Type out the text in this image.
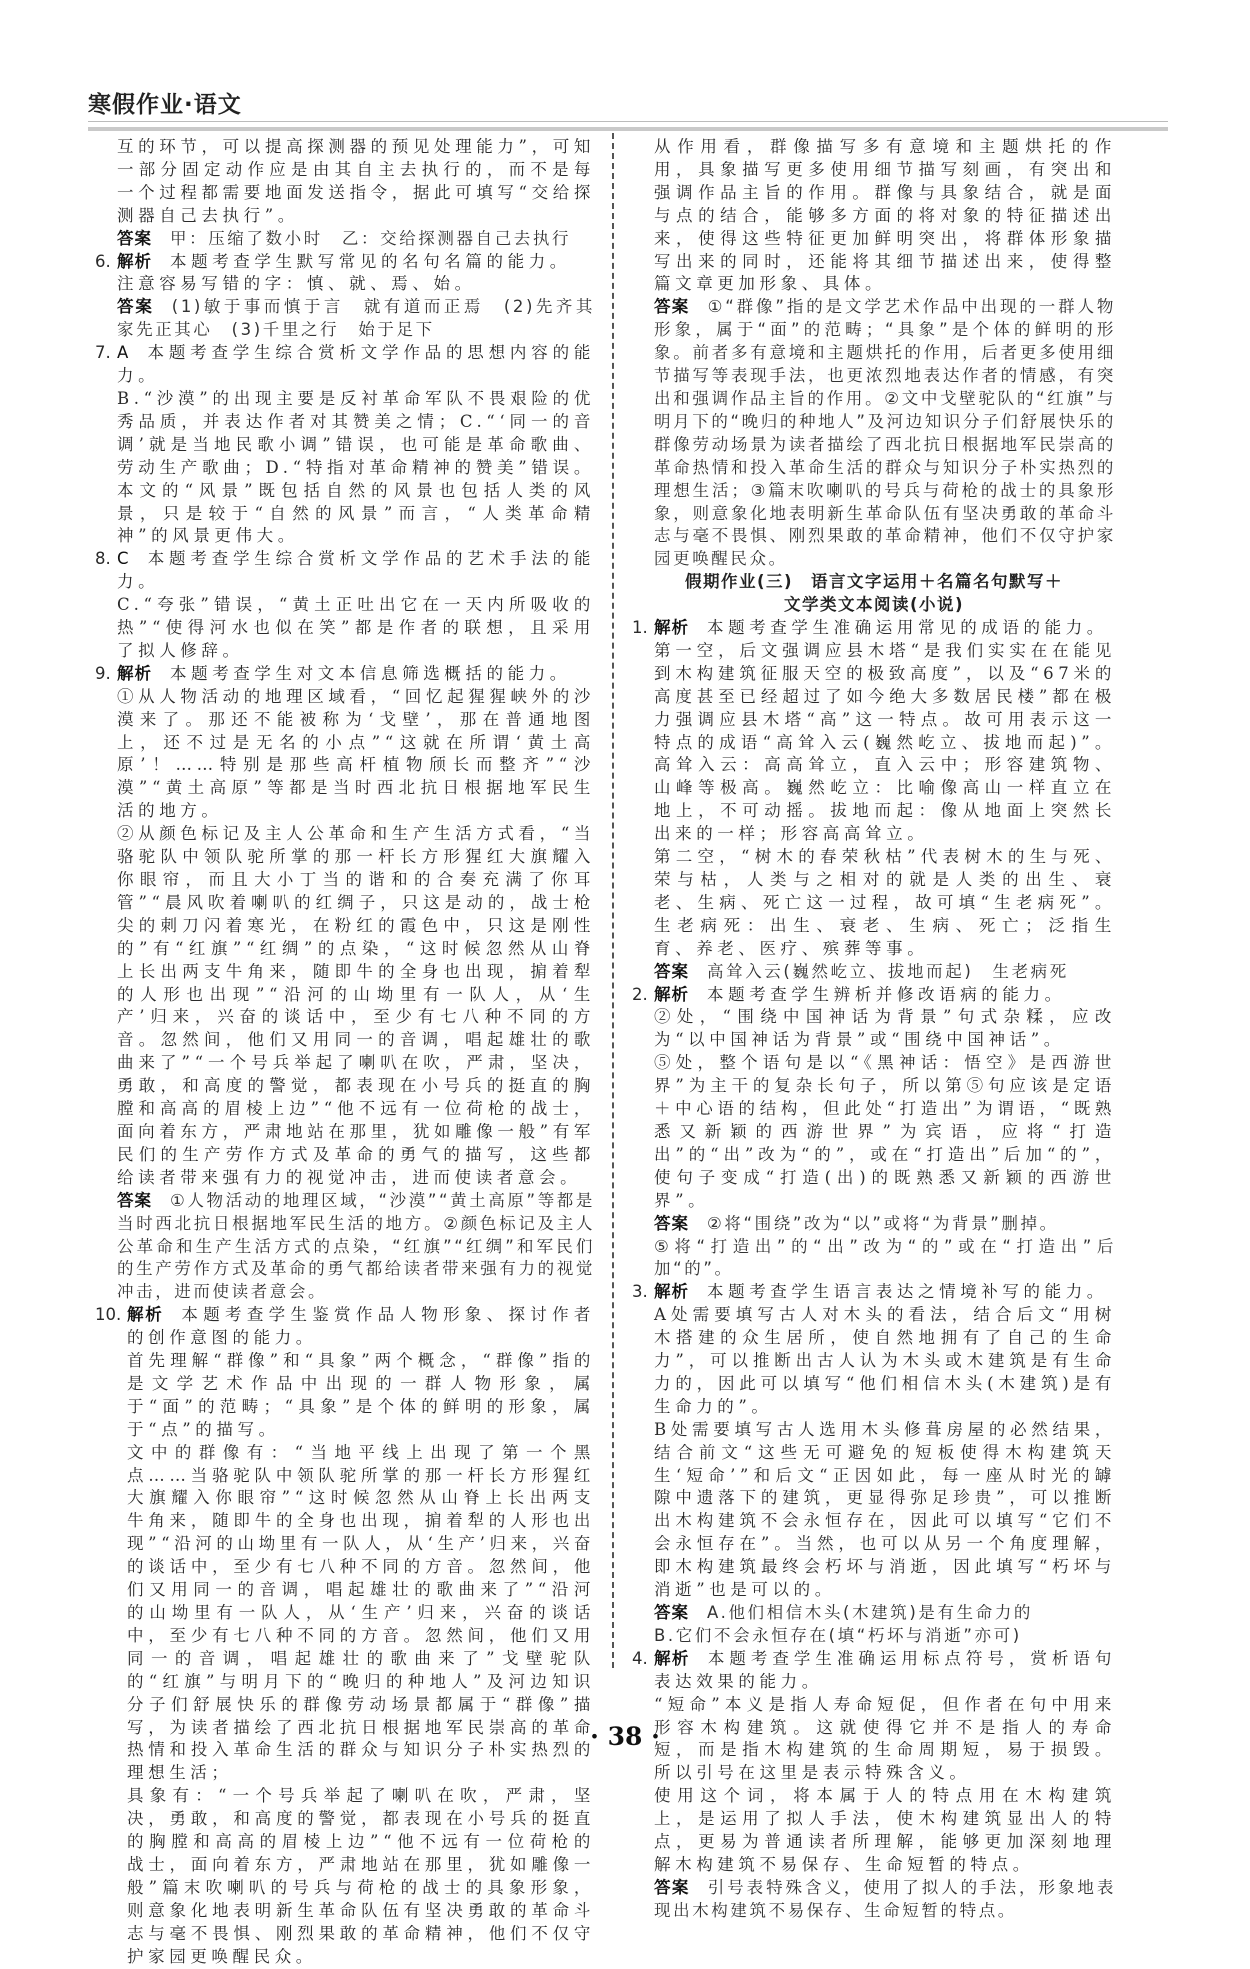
寒假作业·语文
互的环节，可以提高探测器的预见处理能力”，可知一部分固定动作应是由其自主去执行的，而不是每一个过程都需要地面发送指令，据此可填写“交给探测器自己去执行”。
答案 甲：压缩了数小时　乙：交给探测器自己去执行
6. 解析 本题考查学生默写常见的名句名篇的能力。
注意容易写错的字：慎、就、焉、始。
答案 (1)敏于事而慎于言　就有道而正焉　(2)先齐其家先正其心　(3)千里之行　始于足下
7. A 本题考查学生综合赏析文学作品的思想内容的能力。
B.“沙漠”的出现主要是反衬革命军队不畏艰险的优秀品质，并表达作者对其赞美之情；C.“‘同一的音调’就是当地民歌小调”错误，也可能是革命歌曲、劳动生产歌曲；D.“特指对革命精神的赞美”错误。本文的“风景”既包括自然的风景也包括人类的风景，只是较于“自然的风景”而言，“人类革命精神”的风景更伟大。
8. C 本题考查学生综合赏析文学作品的艺术手法的能力。
C.“夸张”错误，“黄土正吐出它在一天内所吸收的热”“使得河水也似在笑”都是作者的联想，且采用了拟人修辞。
9. 解析 本题考查学生对文本信息筛选概括的能力。
①从人物活动的地理区域看，“回忆起猩猩峡外的沙漠来了。那还不能被称为‘戈壁’，那在普通地图上，还不过是无名的小点”“这就在所谓‘黄土高原’！……特别是那些高杆植物颀长而整齐”“沙漠”“黄土高原”等都是当时西北抗日根据地军民生活的地方。
②从颜色标记及主人公革命和生产生活方式看，“当骆驼队中领队驼所掌的那一杆长方形猩红大旗耀入你眼帘，而且大小丁当的谐和的合奏充满了你耳管”“晨风吹着喇叭的红绸子，只这是动的，战士枪尖的刺刀闪着寒光，在粉红的霞色中，只这是刚性的”有“红旗”“红绸”的点染，“这时候忽然从山脊上长出两支牛角来，随即牛的全身也出现，掮着犁的人形也出现”“沿河的山坳里有一队人，从‘生产’归来，兴奋的谈话中，至少有七八种不同的方音。忽然间，他们又用同一的音调，唱起雄壮的歌曲来了”“一个号兵举起了喇叭在吹，严肃，坚决，勇敢，和高度的警觉，都表现在小号兵的挺直的胸膛和高高的眉棱上边”“他不远有一位荷枪的战士，面向着东方，严肃地站在那里，犹如雕像一般”有军民们的生产劳作方式及革命的勇气的描写，这些都给读者带来强有力的视觉冲击，进而使读者意会。
答案 ①人物活动的地理区域，“沙漠”“黄土高原”等都是当时西北抗日根据地军民生活的地方。②颜色标记及主人公革命和生产生活方式的点染，“红旗”“红绸”和军民们的生产劳作方式及革命的勇气都给读者带来强有力的视觉冲击，进而使读者意会。
10. 解析 本题考查学生鉴赏作品人物形象、探讨作者的创作意图的能力。
首先理解“群像”和“具象”两个概念，“群像”指的是文学艺术作品中出现的一群人物形象，属于“面”的范畴；“具象”是个体的鲜明的形象，属于“点”的描写。
文中的群像有：“当地平线上出现了第一个黑点……当骆驼队中领队驼所掌的那一杆长方形猩红大旗耀入你眼帘”“这时候忽然从山脊上长出两支牛角来，随即牛的全身也出现，掮着犁的人形也出现”“沿河的山坳里有一队人，从‘生产’归来，兴奋的谈话中，至少有七八种不同的方音。忽然间，他们又用同一的音调，唱起雄壮的歌曲来了”“沿河的山坳里有一队人，从‘生产’归来，兴奋的谈话中，至少有七八种不同的方音。忽然间，他们又用同一的音调，唱起雄壮的歌曲来了”戈壁驼队的“红旗”与明月下的“晚归的种地人”及河边知识分子们舒展快乐的群像劳动场景都属于“群像”描写，为读者描绘了西北抗日根据地军民崇高的革命热情和投入革命生活的群众与知识分子朴实热烈的理想生活；
具象有：“一个号兵举起了喇叭在吹，严肃，坚决，勇敢，和高度的警觉，都表现在小号兵的挺直的胸膛和高高的眉棱上边”“他不远有一位荷枪的战士，面向着东方，严肃地站在那里，犹如雕像一般”篇末吹喇叭的号兵与荷枪的战士的具象形象，则意象化地表明新生革命队伍有坚决勇敢的革命斗志与毫不畏惧、刚烈果敢的革命精神，他们不仅守护家园更唤醒民众。
从作用看，群像描写多有意境和主题烘托的作用，具象描写更多使用细节描写刻画，有突出和强调作品主旨的作用。群像与具象结合，就是面与点的结合，能够多方面的将对象的特征描述出来，使得这些特征更加鲜明突出，将群体形象描写出来的同时，还能将其细节描述出来，使得整篇文章更加形象、具体。
答案 ①“群像”指的是文学艺术作品中出现的一群人物形象，属于“面”的范畴；“具象”是个体的鲜明的形象。前者多有意境和主题烘托的作用，后者更多使用细节描写等表现手法，也更浓烈地表达作者的情感，有突出和强调作品主旨的作用。②文中戈壁驼队的“红旗”与明月下的“晚归的种地人”及河边知识分子们舒展快乐的群像劳动场景为读者描绘了西北抗日根据地军民崇高的革命热情和投入革命生活的群众与知识分子朴实热烈的理想生活；③篇末吹喇叭的号兵与荷枪的战士的具象形象，则意象化地表明新生革命队伍有坚决勇敢的革命斗志与毫不畏惧、刚烈果敢的革命精神，他们不仅守护家园更唤醒民众。
假期作业(三)　语言文字运用＋名篇名句默写＋
文学类文本阅读(小说)
1. 解析 本题考查学生准确运用常见的成语的能力。
第一空，后文强调应县木塔“是我们实实在在能见到木构建筑征服天空的极致高度”，以及“67米的高度甚至已经超过了如今绝大多数居民楼”都在极力强调应县木塔“高”这一特点。故可用表示这一特点的成语“高耸入云(巍然屹立、拔地而起)”。高耸入云：高高耸立，直入云中；形容建筑物、山峰等极高。巍然屹立：比喻像高山一样直立在地上，不可动摇。拔地而起：像从地面上突然长出来的一样；形容高高耸立。
第二空，“树木的春荣秋枯”代表树木的生与死、荣与枯，人类与之相对的就是人类的出生、衰老、生病、死亡这一过程，故可填“生老病死”。生老病死：出生、衰老、生病、死亡；泛指生育、养老、医疗、殡葬等事。
答案 高耸入云(巍然屹立、拔地而起)　生老病死
2. 解析 本题考查学生辨析并修改语病的能力。
②处，“围绕中国神话为背景”句式杂糅，应改为“以中国神话为背景”或“围绕中国神话”。
⑤处，整个语句是以“《黑神话：悟空》是西游世界”为主干的复杂长句子，所以第⑤句应该是定语＋中心语的结构，但此处“打造出”为谓语，“既熟悉又新颖的西游世界”为宾语，应将“打造出”的“出”改为“的”，或在“打造出”后加“的”，使句子变成“打造(出)的既熟悉又新颖的西游世界”。
答案 ②将“围绕”改为“以”或将“为背景”删掉。
⑤将“打造出”的“出”改为“的”或在“打造出”后加“的”。
3. 解析 本题考查学生语言表达之情境补写的能力。
A处需要填写古人对木头的看法，结合后文“用树木搭建的众生居所，使自然地拥有了自己的生命力”，可以推断出古人认为木头或木建筑是有生命力的，因此可以填写“他们相信木头(木建筑)是有生命力的”。
B处需要填写古人选用木头修葺房屋的必然结果，结合前文“这些无可避免的短板使得木构建筑天生‘短命’”和后文“正因如此，每一座从时光的罅隙中遗落下的建筑，更显得弥足珍贵”，可以推断出木构建筑不会永恒存在，因此可以填写“它们不会永恒存在”。当然，也可以从另一个角度理解，即木构建筑最终会朽坏与消逝，因此填写“朽坏与消逝”也是可以的。
答案 A.他们相信木头(木建筑)是有生命力的
B.它们不会永恒存在(填“朽坏与消逝”亦可)
4. 解析 本题考查学生准确运用标点符号，赏析语句表达效果的能力。
“短命”本义是指人寿命短促，但作者在句中用来形容木构建筑。这就使得它并不是指人的寿命短，而是指木构建筑的生命周期短，易于损毁。所以引号在这里是表示特殊含义。
使用这个词，将本属于人的特点用在木构建筑上，是运用了拟人手法，使木构建筑显出人的特点，更易为普通读者所理解，能够更加深刻地理解木构建筑不易保存、生命短暂的特点。
答案 引号表特殊含义，使用了拟人的手法，形象地表现出木构建筑不易保存、生命短暂的特点。
· 38 ·
